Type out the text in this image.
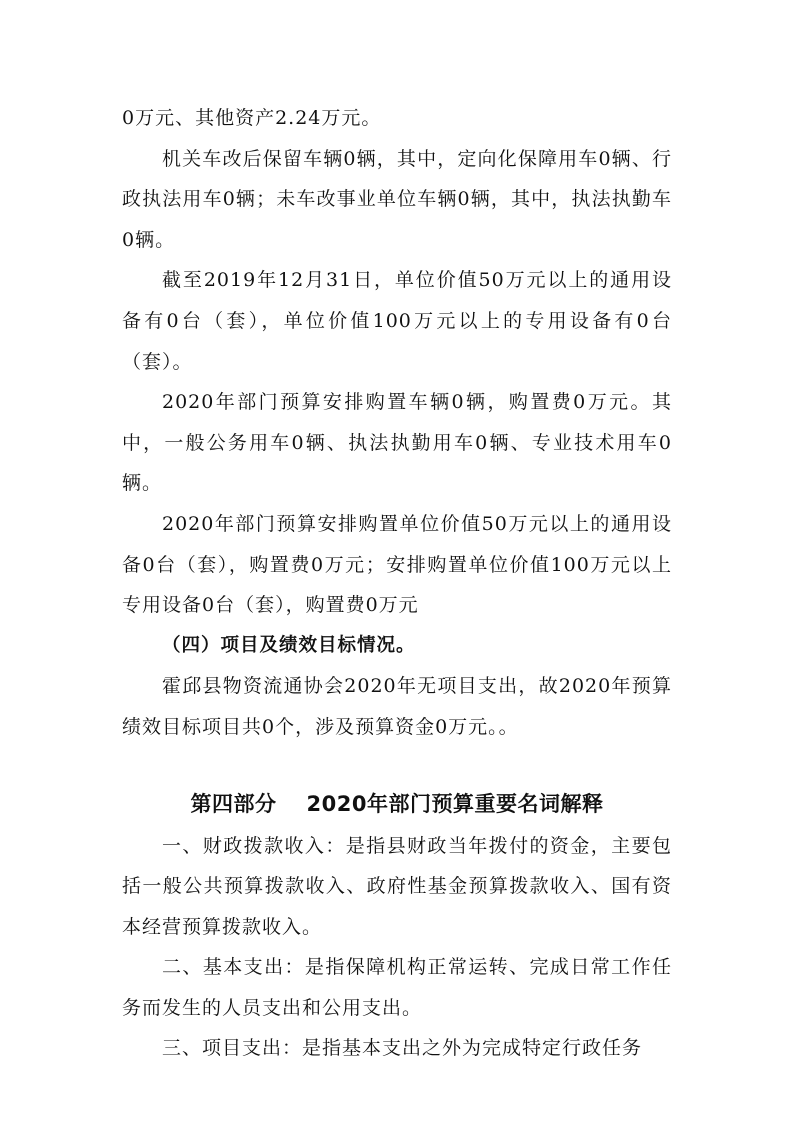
0万元、其他资产2.24万元。

机关车改后保留车辆0辆，其中，定向化保障用车0辆、行政执法用车0辆；未车改事业单位车辆0辆，其中，执法执勤车0辆。

截至2019年12月31日，单位价值50万元以上的通用设备有0台（套），单位价值100万元以上的专用设备有0台（套）。

2020年部门预算安排购置车辆0辆，购置费0万元。其中，一般公务用车0辆、执法执勤用车0辆、专业技术用车0辆。

2020年部门预算安排购置单位价值50万元以上的通用设备0台（套），购置费0万元；安排购置单位价值100万元以上专用设备0台（套），购置费0万元

（四）项目及绩效目标情况。

霍邱县物资流通协会2020年无项目支出，故2020年预算绩效目标项目共0个，涉及预算资金0万元。。

第四部分 2020年部门预算重要名词解释

一、财政拨款收入：是指县财政当年拨付的资金，主要包括一般公共预算拨款收入、政府性基金预算拨款收入、国有资本经营预算拨款收入。

二、基本支出：是指保障机构正常运转、完成日常工作任务而发生的人员支出和公用支出。

三、项目支出：是指基本支出之外为完成特定行政任务
